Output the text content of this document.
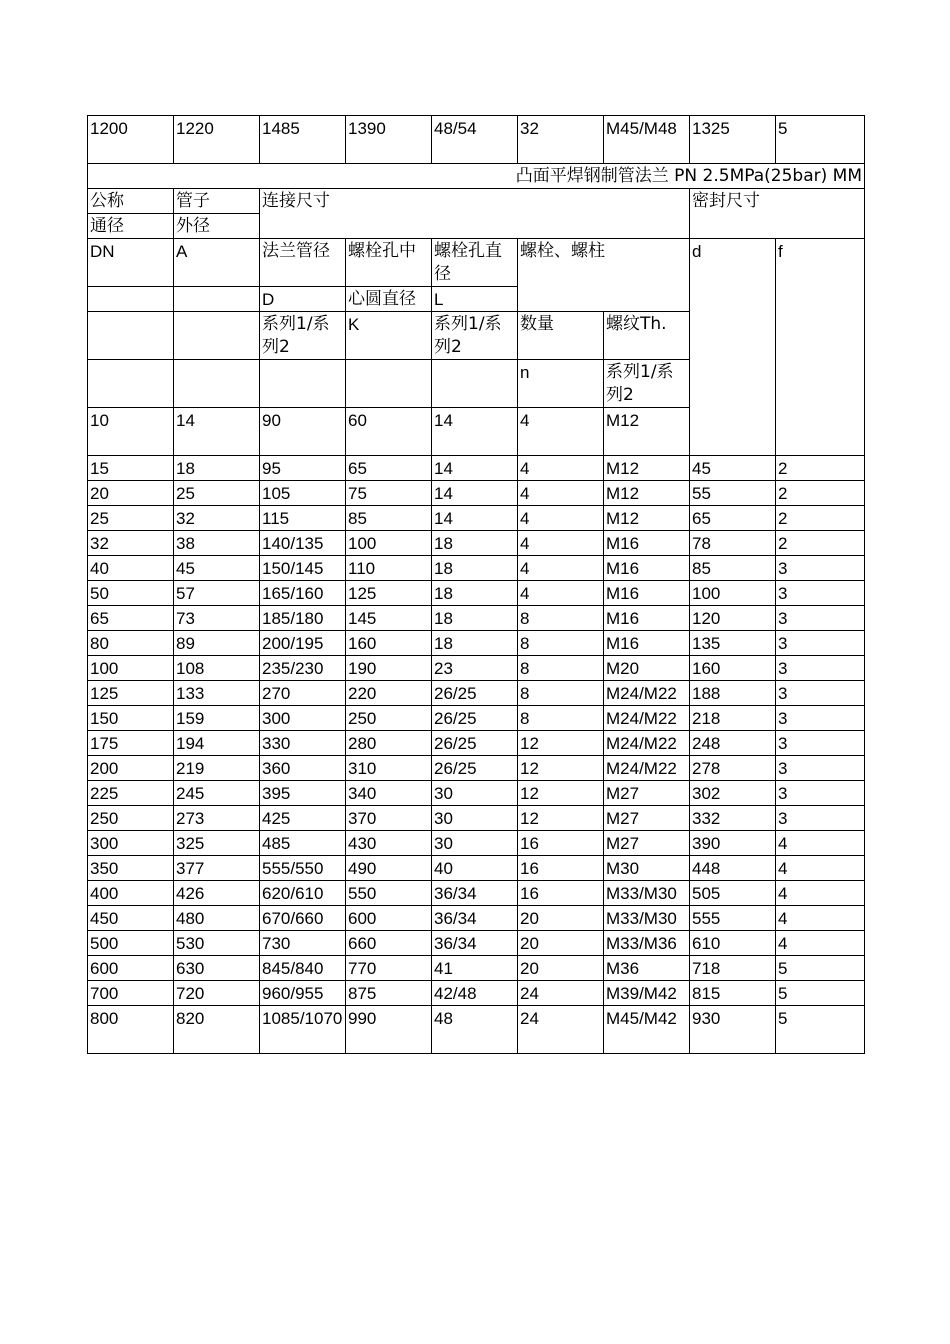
1200	1220	1485	1390	48/54	32	M45/M48	1325	5	
凸面平焊钢制管法兰 PN 2.5MPa(25bar) MM									
公称	管子	连接尺寸					密封尺寸		
通径	外径								
DN	A	法兰管径	螺栓孔中	螺栓孔直径	螺栓、螺柱		d	f	
		D	心圆直径	L					
		系列1/系列2	K	系列1/系列2	数量	螺纹Th.			
					n	系列1/系列2			
10	14	90	60	14	4	M12		
15	18	95	65	14	4	M12	45	2	
20	25	105	75	14	4	M12	55	2	
25	32	115	85	14	4	M12	65	2	
32	38	140/135	100	18	4	M16	78	2	
40	45	150/145	110	18	4	M16	85	3	
50	57	165/160	125	18	4	M16	100	3	
65	73	185/180	145	18	8	M16	120	3	
80	89	200/195	160	18	8	M16	135	3	
100	108	235/230	190	23	8	M20	160	3	
125	133	270	220	26/25	8	M24/M22	188	3	
150	159	300	250	26/25	8	M24/M22	218	3	
175	194	330	280	26/25	12	M24/M22	248	3	
200	219	360	310	26/25	12	M24/M22	278	3	
225	245	395	340	30	12	M27	302	3	
250	273	425	370	30	12	M27	332	3	
300	325	485	430	30	16	M27	390	4	
350	377	555/550	490	40	16	M30	448	4	
400	426	620/610	550	36/34	16	M33/M30	505	4	
450	480	670/660	600	36/34	20	M33/M30	555	4	
500	530	730	660	36/34	20	M33/M36	610	4	
600	630	845/840	770	41	20	M36	718	5	
700	720	960/955	875	42/48	24	M39/M42	815	5	
800	820	1085/1070	990	48	24	M45/M42	930	5	
